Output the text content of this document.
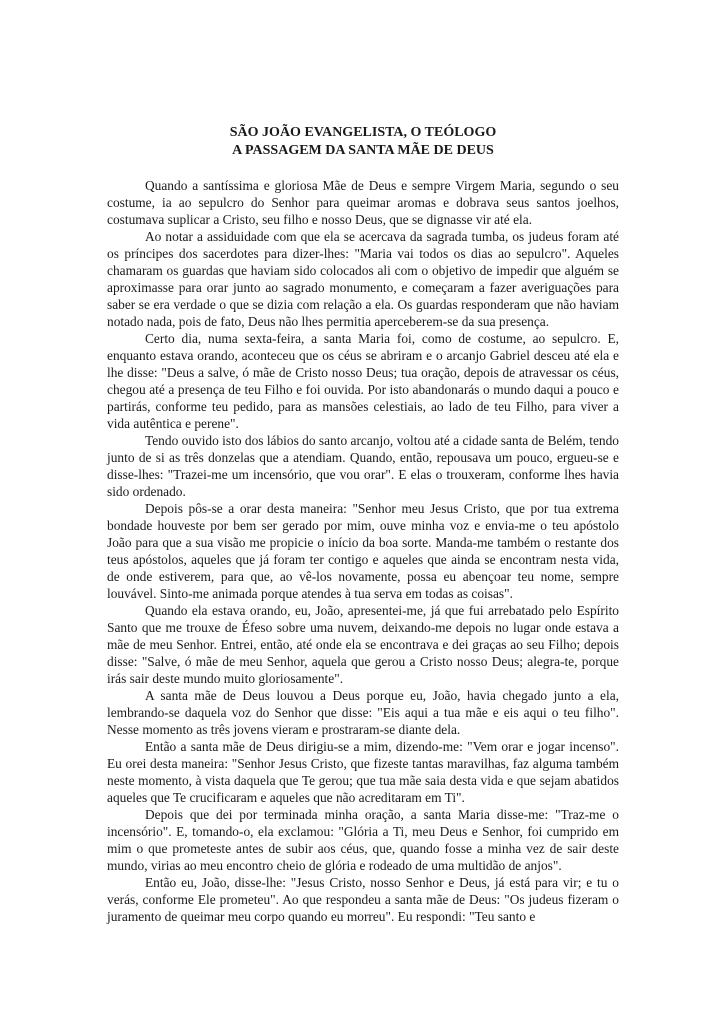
SÃO JOÃO EVANGELISTA, O TEÓLOGO
A PASSAGEM DA SANTA MÃE DE DEUS

Quando a santíssima e gloriosa Mãe de Deus e sempre Virgem Maria, segundo o seu costume, ia ao sepulcro do Senhor para queimar aromas e dobrava seus santos joelhos, costumava suplicar a Cristo, seu filho e nosso Deus, que se dignasse vir até ela.

Ao notar a assiduidade com que ela se acercava da sagrada tumba, os judeus foram até os príncipes dos sacerdotes para dizer-lhes: "Maria vai todos os dias ao sepulcro". Aqueles chamaram os guardas que haviam sido colocados ali com o objetivo de impedir que alguém se aproximasse para orar junto ao sagrado monumento, e começaram a fazer averiguações para saber se era verdade o que se dizia com relação a ela. Os guardas responderam que não haviam notado nada, pois de fato, Deus não lhes permitia aperceberem-se da sua presença.

Certo dia, numa sexta-feira, a santa Maria foi, como de costume, ao sepulcro. E, enquanto estava orando, aconteceu que os céus se abriram e o arcanjo Gabriel desceu até ela e lhe disse: "Deus a salve, ó mãe de Cristo nosso Deus; tua oração, depois de atravessar os céus, chegou até a presença de teu Filho e foi ouvida. Por isto abandonarás o mundo daqui a pouco e partirás, conforme teu pedido, para as mansões celestiais, ao lado de teu Filho, para viver a vida autêntica e perene".

Tendo ouvido isto dos lábios do santo arcanjo, voltou até a cidade santa de Belém, tendo junto de si as três donzelas que a atendiam. Quando, então, repousava um pouco, ergueu-se e disse-lhes: "Trazei-me um incensório, que vou orar". E elas o trouxeram, conforme lhes havia sido ordenado.

Depois pôs-se a orar desta maneira: "Senhor meu Jesus Cristo, que por tua extrema bondade houveste por bem ser gerado por mim, ouve minha voz e envia-me o teu apóstolo João para que a sua visão me propicie o início da boa sorte. Manda-me também o restante dos teus apóstolos, aqueles que já foram ter contigo e aqueles que ainda se encontram nesta vida, de onde estiverem, para que, ao vê-los novamente, possa eu abençoar teu nome, sempre louvável. Sinto-me animada porque atendes à tua serva em todas as coisas".

Quando ela estava orando, eu, João, apresentei-me, já que fui arrebatado pelo Espírito Santo que me trouxe de Éfeso sobre uma nuvem, deixando-me depois no lugar onde estava a mãe de meu Senhor. Entrei, então, até onde ela se encontrava e dei graças ao seu Filho; depois disse: "Salve, ó mãe de meu Senhor, aquela que gerou a Cristo nosso Deus; alegra-te, porque irás sair deste mundo muito gloriosamente".

A santa mãe de Deus louvou a Deus porque eu, João, havia chegado junto a ela, lembrando-se daquela voz do Senhor que disse: "Eis aqui a tua mãe e eis aqui o teu filho". Nesse momento as três jovens vieram e prostraram-se diante dela.

Então a santa mãe de Deus dirigiu-se a mim, dizendo-me: "Vem orar e jogar incenso". Eu orei desta maneira: "Senhor Jesus Cristo, que fizeste tantas maravilhas, faz alguma também neste momento, à vista daquela que Te gerou; que tua mãe saia desta vida e que sejam abatidos aqueles que Te crucificaram e aqueles que não acreditaram em Ti".

Depois que dei por terminada minha oração, a santa Maria disse-me: "Traz-me o incensório". E, tomando-o, ela exclamou: "Glória a Ti, meu Deus e Senhor, foi cumprido em mim o que prometeste antes de subir aos céus, que, quando fosse a minha vez de sair deste mundo, virias ao meu encontro cheio de glória e rodeado de uma multidão de anjos".

Então eu, João, disse-lhe: "Jesus Cristo, nosso Senhor e Deus, já está para vir; e tu o verás, conforme Ele prometeu". Ao que respondeu a santa mãe de Deus: "Os judeus fizeram o juramento de queimar meu corpo quando eu morreu". Eu respondi: "Teu santo e
